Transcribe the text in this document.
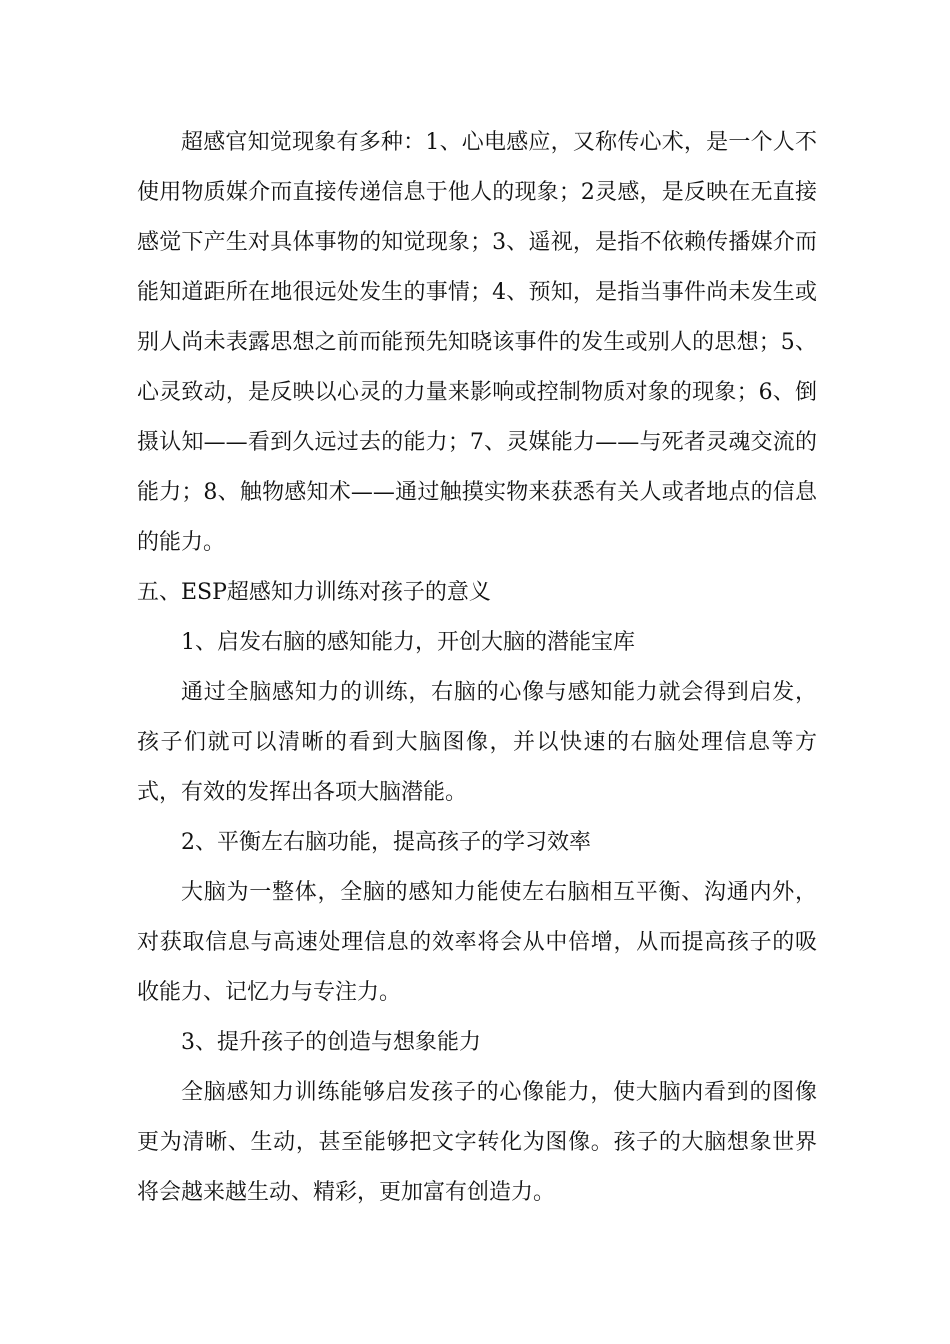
超感官知觉现象有多种：1、心电感应，又称传心术，是一个人不使用物质媒介而直接传递信息于他人的现象；2灵感，是反映在无直接感觉下产生对具体事物的知觉现象；3、遥视，是指不依赖传播媒介而能知道距所在地很远处发生的事情；4、预知，是指当事件尚未发生或别人尚未表露思想之前而能预先知晓该事件的发生或别人的思想；5、心灵致动，是反映以心灵的力量来影响或控制物质对象的现象；6、倒摄认知——看到久远过去的能力；7、灵媒能力——与死者灵魂交流的能力；8、触物感知术——通过触摸实物来获悉有关人或者地点的信息的能力。

五、ESP超感知力训练对孩子的意义

1、启发右脑的感知能力，开创大脑的潜能宝库

通过全脑感知力的训练，右脑的心像与感知能力就会得到启发，孩子们就可以清晰的看到大脑图像，并以快速的右脑处理信息等方式，有效的发挥出各项大脑潜能。

2、平衡左右脑功能，提高孩子的学习效率

大脑为一整体，全脑的感知力能使左右脑相互平衡、沟通内外，对获取信息与高速处理信息的效率将会从中倍增，从而提高孩子的吸收能力、记忆力与专注力。

3、提升孩子的创造与想象能力

全脑感知力训练能够启发孩子的心像能力，使大脑内看到的图像更为清晰、生动，甚至能够把文字转化为图像。孩子的大脑想象世界将会越来越生动、精彩，更加富有创造力。
